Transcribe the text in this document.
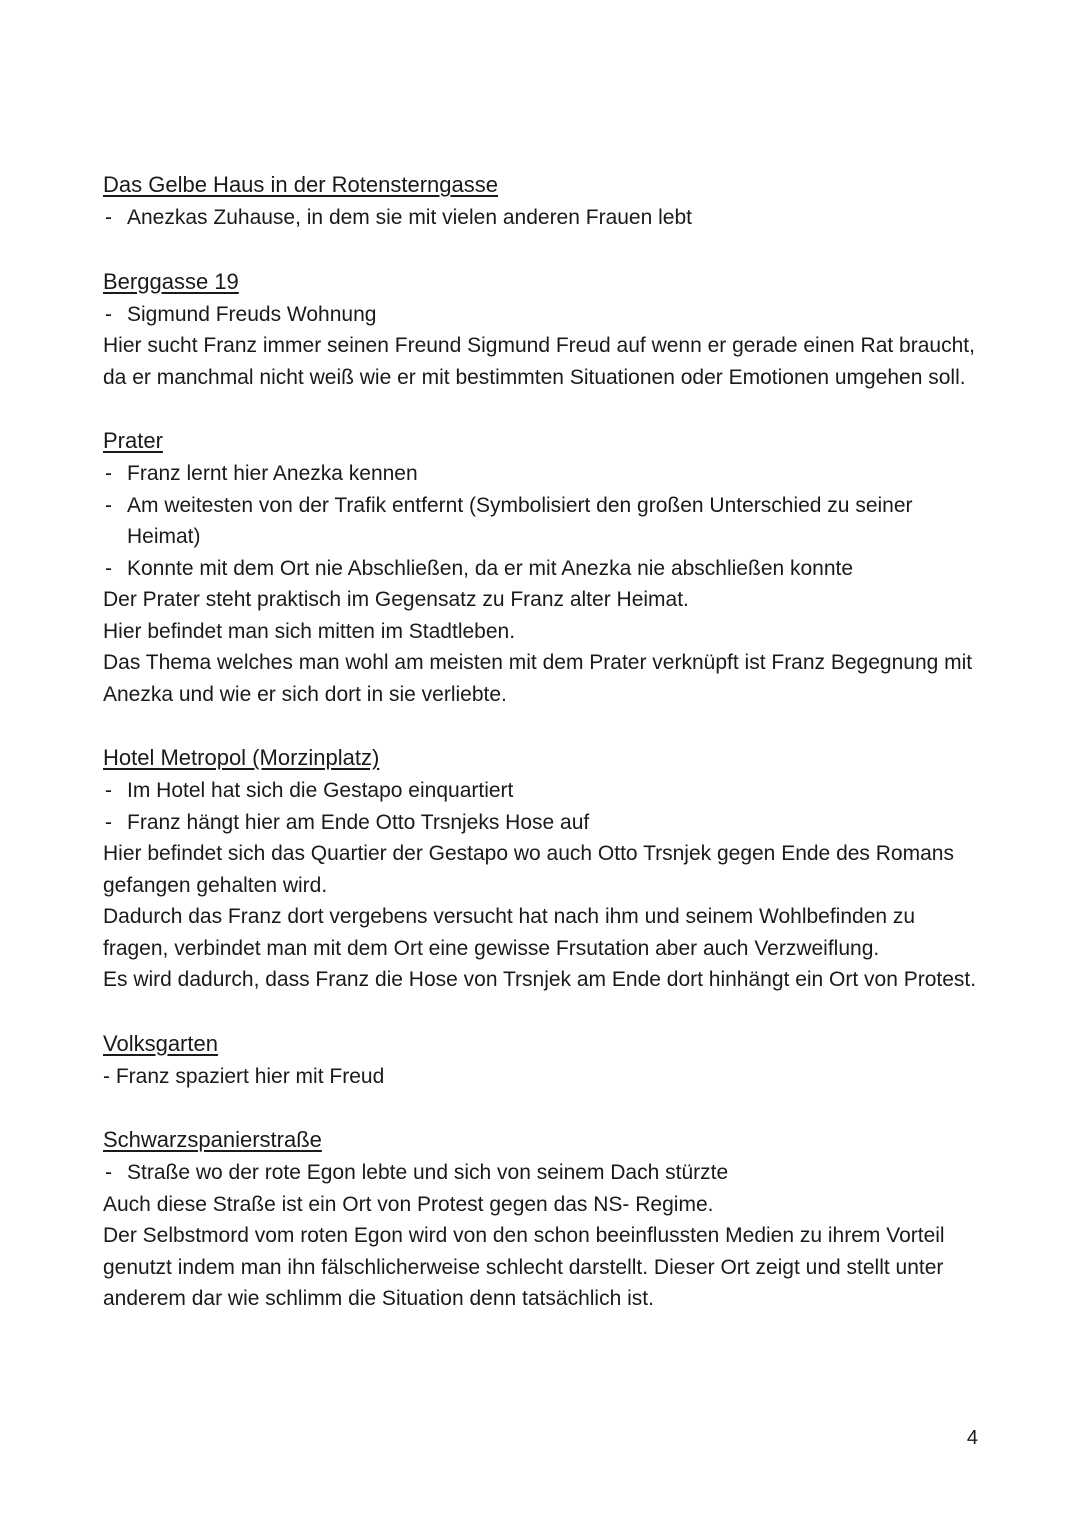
Das Gelbe Haus in der Rotensterngasse
- Anezkas Zuhause, in dem sie mit vielen anderen Frauen lebt
Berggasse 19
- Sigmund Freuds Wohnung

Hier sucht Franz immer seinen Freund Sigmund Freud auf wenn er gerade einen Rat braucht, da er manchmal nicht weiß wie er mit bestimmten Situationen oder Emotionen umgehen soll.

Prater
- Franz lernt hier Anezka kennen
- Am weitesten von der Trafik entfernt (Symbolisiert den großen Unterschied zu seiner Heimat)
- Konnte mit dem Ort nie Abschließen, da er mit Anezka nie abschließen konnte

Der Prater steht praktisch im Gegensatz zu Franz alter Heimat.

Hier befindet man sich mitten im Stadtleben.

Das Thema welches man wohl am meisten mit dem Prater verknüpft ist Franz Begegnung mit Anezka und wie er sich dort in sie verliebte.

Hotel Metropol (Morzinplatz)
- Im Hotel hat sich die Gestapo einquartiert
- Franz hängt hier am Ende Otto Trsnjeks Hose auf

Hier befindet sich das Quartier der Gestapo wo auch Otto Trsnjek gegen Ende des Romans gefangen gehalten wird.

Dadurch das Franz dort vergebens versucht hat nach ihm und seinem Wohlbefinden zu fragen, verbindet man mit dem Ort eine gewisse Frsutation aber auch Verzweiflung.

Es wird dadurch, dass Franz die Hose von Trsnjek am Ende dort hinhängt ein Ort von Protest.

Volksgarten

- Franz spaziert hier mit Freud

Schwarzspanierstraße
- Straße wo der rote Egon lebte und sich von seinem Dach stürzte

Auch diese Straße ist ein Ort von Protest gegen das NS- Regime.

Der Selbstmord vom roten Egon wird von den schon beeinflussten Medien zu ihrem Vorteil genutzt indem man ihn fälschlicherweise schlecht darstellt. Dieser Ort zeigt und stellt unter anderem dar wie schlimm die Situation denn tatsächlich ist.

4
